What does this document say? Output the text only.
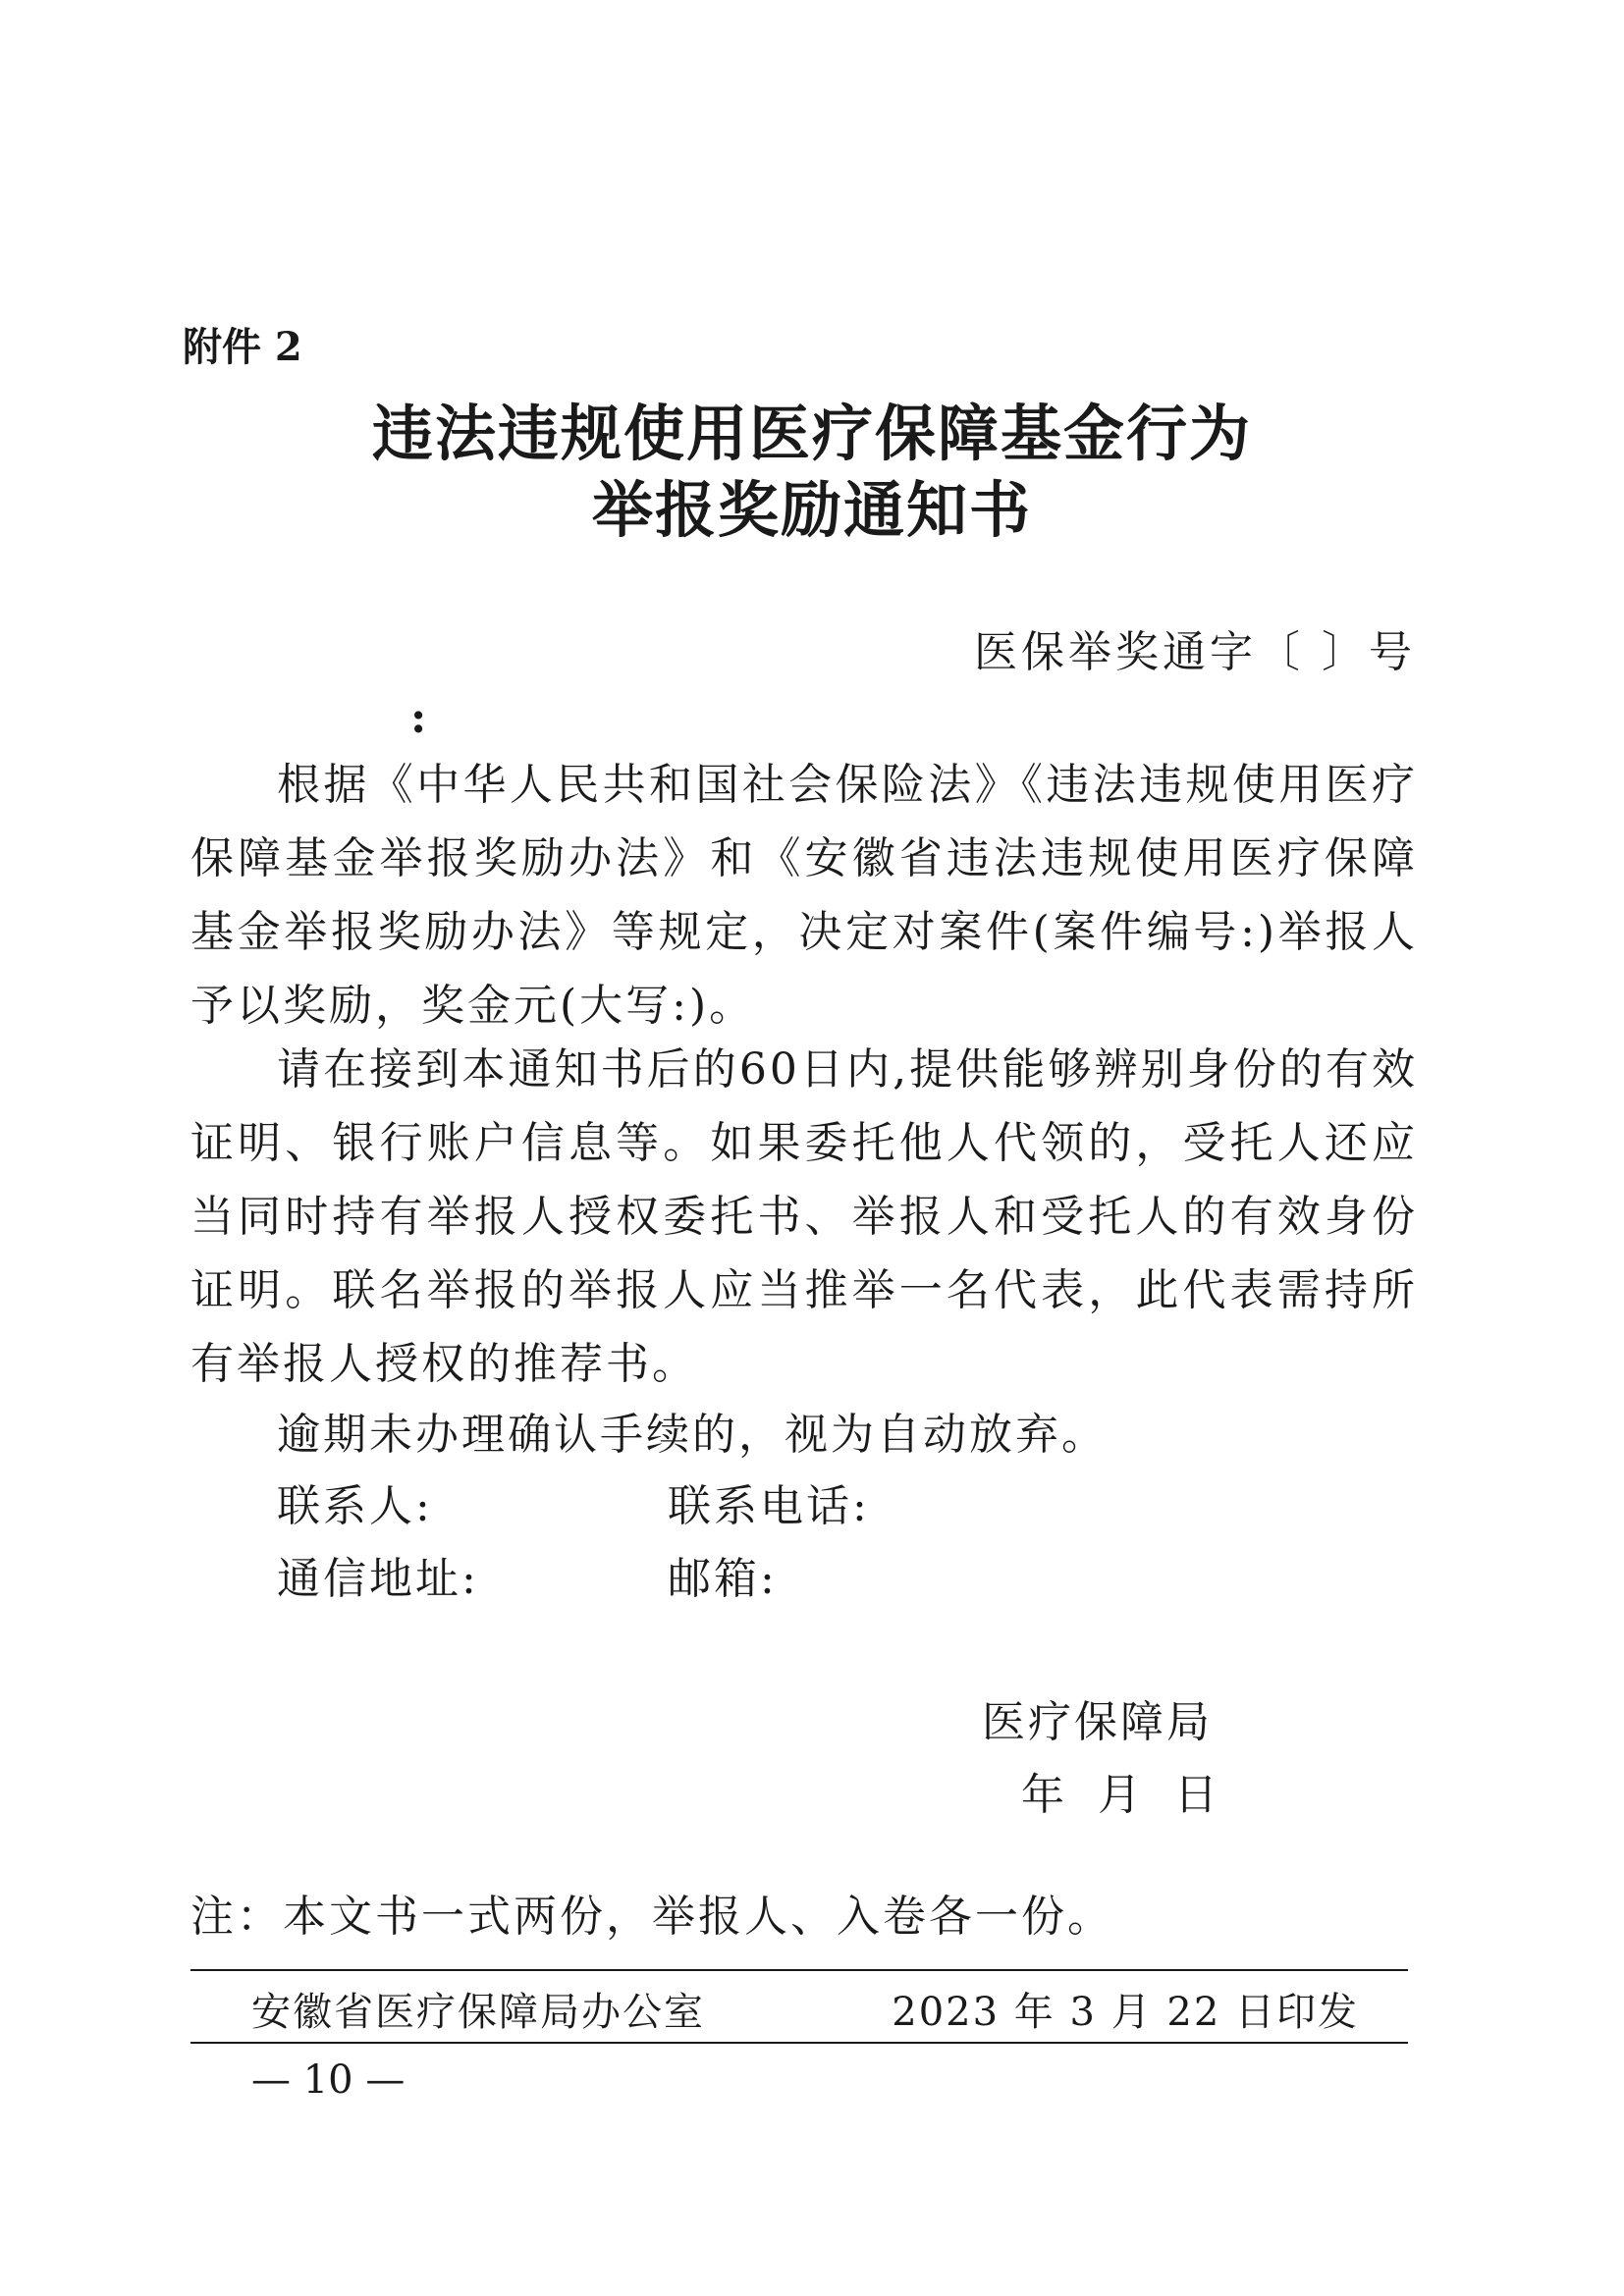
附件 2
违法违规使用医疗保障基金行为
举报奖励通知书
医保举奖通字〔 〕号
:
根据《中华人民共和国社会保险法》《违法违规使用医疗保障基金举报奖励办法》和《安徽省违法违规使用医疗保障基金举报奖励办法》等规定，决定对案件(案件编号:)举报人予以奖励，奖金元(大写:)。
请在接到本通知书后的60日内,提供能够辨别身份的有效证明、银行账户信息等。如果委托他人代领的，受托人还应当同时持有举报人授权委托书、举报人和受托人的有效身份证明。联名举报的举报人应当推举一名代表，此代表需持所有举报人授权的推荐书。
逾期未办理确认手续的，视为自动放弃。
联系人:	联系电话:
通信地址:	邮箱:
医疗保障局
年 月 日
注：本文书一式两份，举报人、入卷各一份。
安徽省医疗保障局办公室	2023 年 3 月 22 日印发
— 10 —
